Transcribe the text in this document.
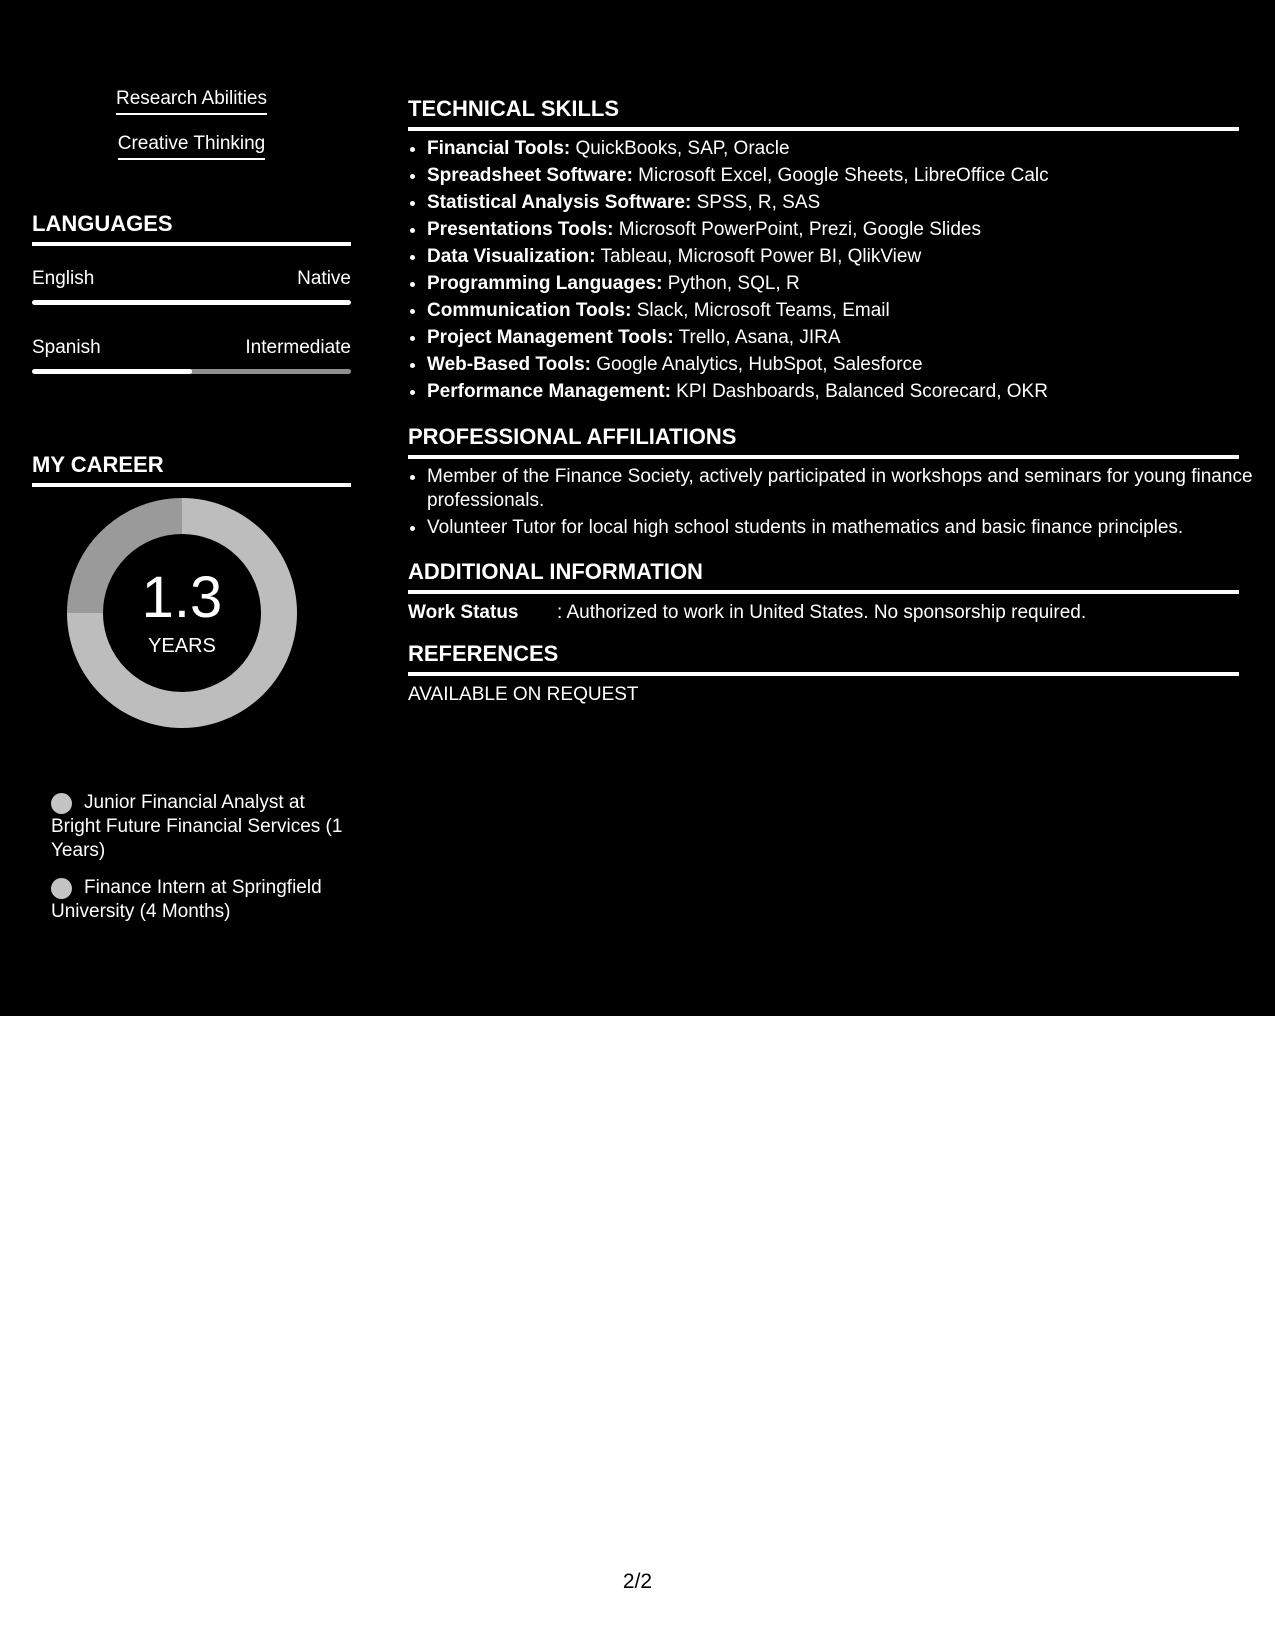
Research Abilities
Creative Thinking
LANGUAGES
English	Native
Spanish	Intermediate
MY CAREER
1.3
YEARS
Junior Financial Analyst at Bright Future Financial Services (1 Years)
Finance Intern at Springfield University (4 Months)
TECHNICAL SKILLS
• Financial Tools: QuickBooks, SAP, Oracle
• Spreadsheet Software: Microsoft Excel, Google Sheets, LibreOffice Calc
• Statistical Analysis Software: SPSS, R, SAS
• Presentations Tools: Microsoft PowerPoint, Prezi, Google Slides
• Data Visualization: Tableau, Microsoft Power BI, QlikView
• Programming Languages: Python, SQL, R
• Communication Tools: Slack, Microsoft Teams, Email
• Project Management Tools: Trello, Asana, JIRA
• Web-Based Tools: Google Analytics, HubSpot, Salesforce
• Performance Management: KPI Dashboards, Balanced Scorecard, OKR
PROFESSIONAL AFFILIATIONS
• Member of the Finance Society, actively participated in workshops and seminars for young finance professionals.
• Volunteer Tutor for local high school students in mathematics and basic finance principles.
ADDITIONAL INFORMATION
Work Status : Authorized to work in United States. No sponsorship required.
REFERENCES
AVAILABLE ON REQUEST
2/2
